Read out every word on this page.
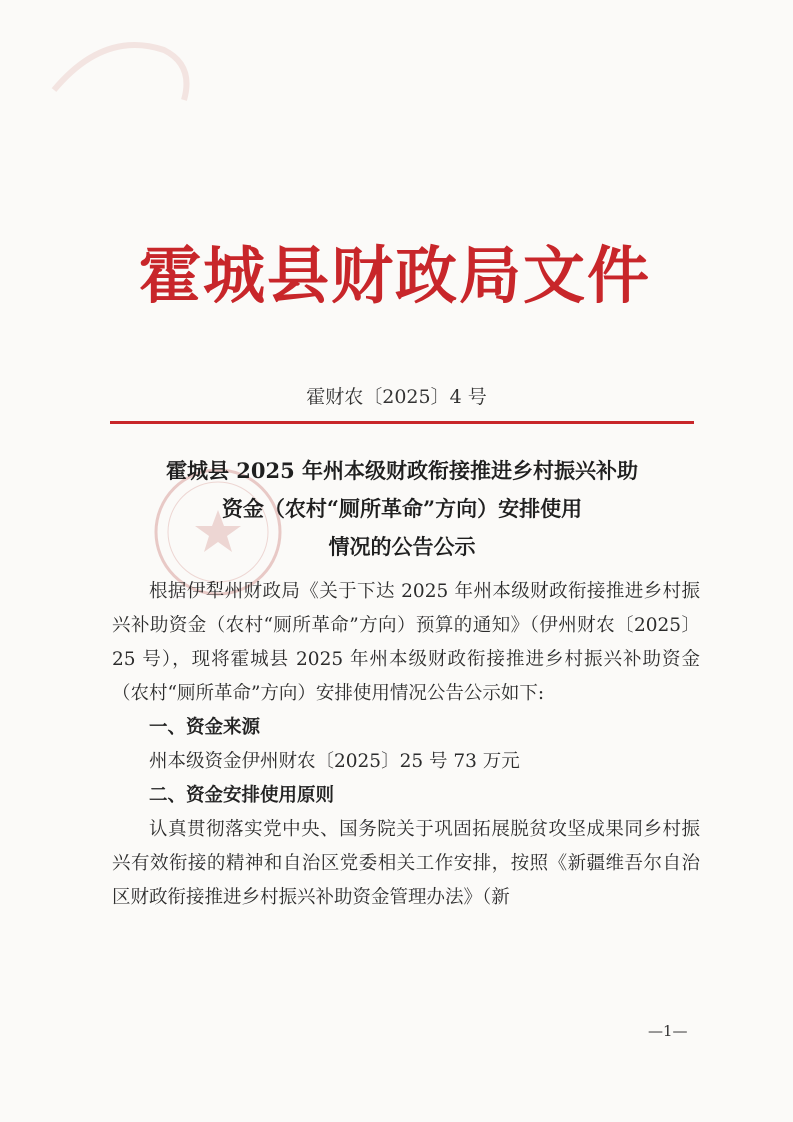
霍城县财政局文件
霍财农〔2025〕4 号
霍城县 2025 年州本级财政衔接推进乡村振兴补助
资金（农村“厕所革命”方向）安排使用
情况的公告公示

根据伊犁州财政局《关于下达 2025 年州本级财政衔接推进乡村振兴补助资金（农村“厕所革命”方向）预算的通知》（伊州财农〔2025〕25 号），现将霍城县 2025 年州本级财政衔接推进乡村振兴补助资金（农村“厕所革命”方向）安排使用情况公告公示如下:

一、资金来源

州本级资金伊州财农〔2025〕25 号 73 万元

二、资金安排使用原则

认真贯彻落实党中央、国务院关于巩固拓展脱贫攻坚成果同乡村振兴有效衔接的精神和自治区党委相关工作安排，按照《新疆维吾尔自治区财政衔接推进乡村振兴补助资金管理办法》（新

—1—
